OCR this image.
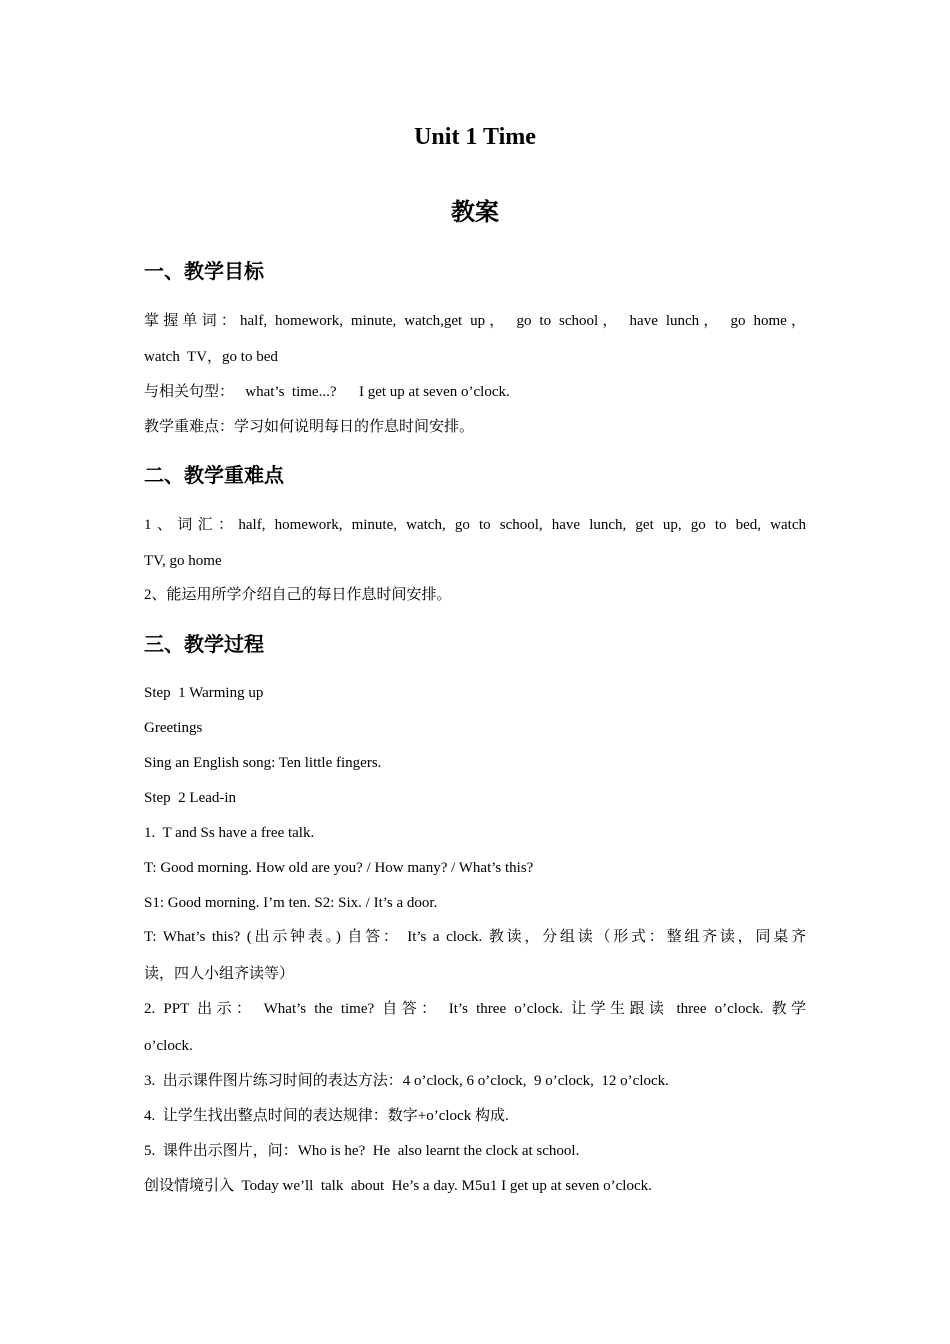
Unit 1 Time
教案
一、教学目标
掌握单词：half, homework, minute, watch,get up， go to school， have lunch， go home，
watch  TV，go to bed
与相关句型：   what’s  time...?      I get up at seven o’clock.
教学重难点：学习如何说明每日的作息时间安排。
二、教学重难点
1、词汇：half, homework, minute, watch, go to school, have lunch, get up, go to bed, watch
TV, go home
2、能运用所学介绍自己的每日作息时间安排。
三、教学过程
Step  1 Warming up
Greetings
Sing an English song: Ten little fingers.
Step  2 Lead-in
1.  T and Ss have a free talk.
T: Good morning. How old are you? / How many? / What’s this?
S1: Good morning. I’m ten. S2: Six. / It’s a door.
T: What’s this? (出示钟表。) 自答： It’s a clock. 教读，分组读（形式：整组齐读，同桌齐
读，四人小组齐读等）
2. PPT 出示： What’s the time? 自答： It’s three o’clock. 让学生跟读 three o’clock. 教学
o’clock.
3.  出示课件图片练习时间的表达方法：4 o’clock, 6 o’clock,  9 o’clock,  12 o’clock.
4.  让学生找出整点时间的表达规律：数字+o’clock 构成.
5.  课件出示图片，问：Who is he?  He  also learnt the clock at school.
创设情境引入  Today we’ll  talk  about  He’s a day. M5u1 I get up at seven o’clock.
